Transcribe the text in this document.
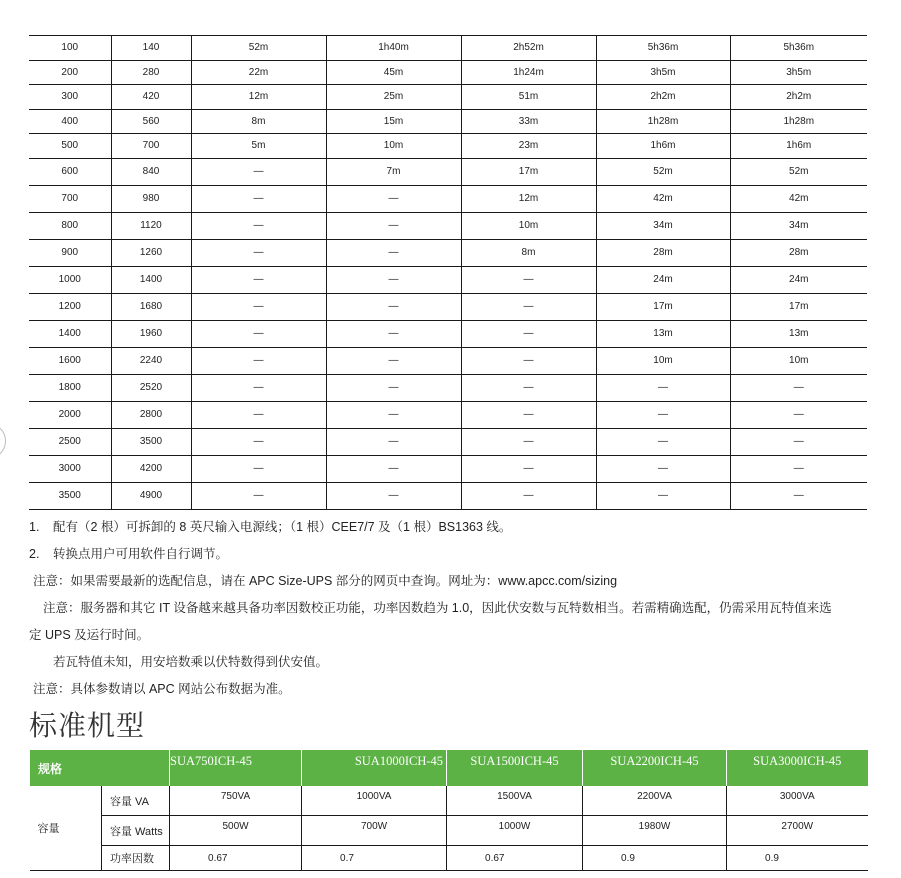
100	140	52m	1h40m	2h52m	5h36m	5h36m
200	280	22m	45m	1h24m	3h5m	3h5m
300	420	12m	25m	51m	2h2m	2h2m
400	560	8m	15m	33m	1h28m	1h28m
500	700	5m	10m	23m	1h6m	1h6m
600	840	—	7m	17m	52m	52m
700	980	—	—	12m	42m	42m
800	1120	—	—	10m	34m	34m
900	1260	—	—	8m	28m	28m
1000	1400	—	—	—	24m	24m
1200	1680	—	—	—	17m	17m
1400	1960	—	—	—	13m	13m
1600	2240	—	—	—	10m	10m
1800	2520	—	—	—	—	—
2000	2800	—	—	—	—	—
2500	3500	—	—	—	—	—
3000	4200	—	—	—	—	—
3500	4900	—	—	—	—	—

1. 配有（2 根）可拆卸的 8 英尺输入电源线；（1 根）CEE7/7 及（1 根）BS1363 线。

2. 转换点用户可用软件自行调节。

注意：如果需要最新的选配信息，请在 APC Size-UPS 部分的网页中查询。网址为：www.apcc.com/sizing

注意：服务器和其它 IT 设备越来越具备功率因数校正功能，功率因数趋为 1.0，因此伏安数与瓦特数相当。若需精确选配，仍需采用瓦特值来选

定 UPS 及运行时间。

若瓦特值未知，用安培数乘以伏特数得到伏安值。

注意：具体参数请以 APC 网站公布数据为准。

标准机型
规格		SUA750ICH-45	SUA1000ICH-45	SUA1500ICH-45	SUA2200ICH-45	SUA3000ICH-45
容量	容量 VA	750VA	1000VA	1500VA	2200VA	3000VA
	容量 Watts	500W	700W	1000W	1980W	2700W
	功率因数	0.67	0.7	0.67	0.9	0.9
